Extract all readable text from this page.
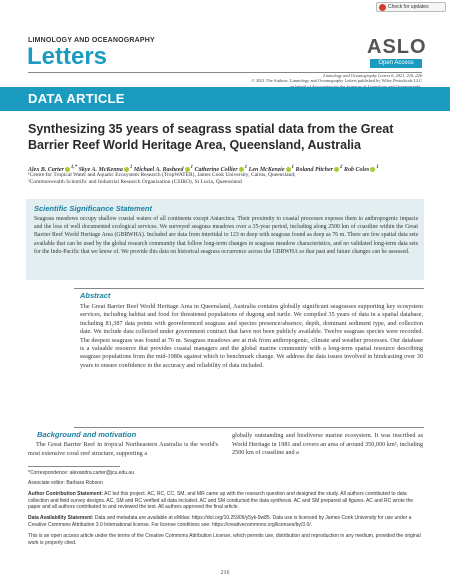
Check for updates
LIMNOLOGY AND OCEANOGRAPHY
Letters	ASLO
Open Access
Limnology and Oceanography Letters 6, 2021, 216–226
© 2021 The Authors. Limnology and Oceanography Letters published by Wiley Periodicals LLC
DATA ARTICLE
Synthesizing 35 years of seagrass spatial data from the Great Barrier Reef World Heritage Area, Queensland, Australia
Alex B. Carter $^{1,*}$ Skye A. McKenna $^1$ Michael A. Rasheed $^1$ Catherine Collier $^1$ Len McKenzie $^1$ Roland Pitcher $^2$ Rob Coles $^1$
¹Centre for Tropical Water and Aquatic Ecosystem Research (TropWATER), James Cook University, Cairns, Queensland;
²Commonwealth Scientific and Industrial Research Organization (CSIRO), St Lucia, Queensland
Scientific Significance Statement
Seagrass meadows occupy shallow coastal waters of all continents except Antarctica. Their proximity to coastal processes exposes them to anthropogenic impacts and the loss of well documented ecological services. We surveyed seagrass meadows over a 35-year period, including along 2500 km of coastline within the Great Barrier Reef World Heritage Area (GBRWHA). Included are data from intertidal to 123 m deep with seagrass found as deep as 76 m. There are few spatial data sets available that can be used by the global research community that follow long-term changes in seagrass meadow characteristics, and no validated long-term data sets for the Indo-Pacific that we know of. We provide this data on historical seagrass occurrence across the GBRWHA so that past and future changes can be assessed.
Abstract
The Great Barrier Reef World Heritage Area in Queensland, Australia contains globally significant seagrasses supporting key ecosystem services, including habitat and food for threatened populations of dugong and turtle. We compiled 35 years of data in a spatial database, including 81,387 data points with georeferenced seagrass and species presence/absence, depth, dominant sediment type, and collection date. We include data collected under government contract that have not been publicly available. Twelve seagrass species were recorded. The deepest seagrass was found at 76 m. Seagrass meadows are at risk from anthropogenic, climate and weather processes. Our database is a valuable resource that provides coastal managers and the global marine community with a long-term spatial resource describing seagrass populations from the mid-1980s against which to benchmark change. We address the data issues involved in hindcasting over 30 years to ensure confidence in the accuracy and reliability of data included.
Background and motivation
The Great Barrier Reef in tropical Northeastern Australia is the world's most extensive coral reef structure, supporting a
globally outstanding and biodiverse marine ecosystem. It was inscribed as World Heritage in 1981 and covers an area of around 350,000 km², including 2500 km of coastline and a
*Correspondence: alexandra.carter@jcu.edu.au
Associate editor: Barbara Robson
Author Contribution Statement: AC led this project. AC, RC, CC, SM, and MR came up with the research question and designed the study. All authors contributed to data collection and field survey designs. AC, SM and RC verified all data included. AC and SM conducted the data synthesis. AC and SM prepared all figures. AC and RC wrote the paper and all authors contributed to and reviewed the text. All authors approved the final article.
Data Availability Statement: Data and metadata are available at eMdas: https://doi.org/10.25909/y5yk-9w85. Data use is licensed by James Cook University for use under a Creative Commons Attribution 3.0 International license. For license conditions see: https://creativecommons.org/licenses/by/3.0/.
This is an open access article under the terms of the Creative Commons Attribution License, which permits use, distribution and reproduction in any medium, provided the original work is properly cited.
216
